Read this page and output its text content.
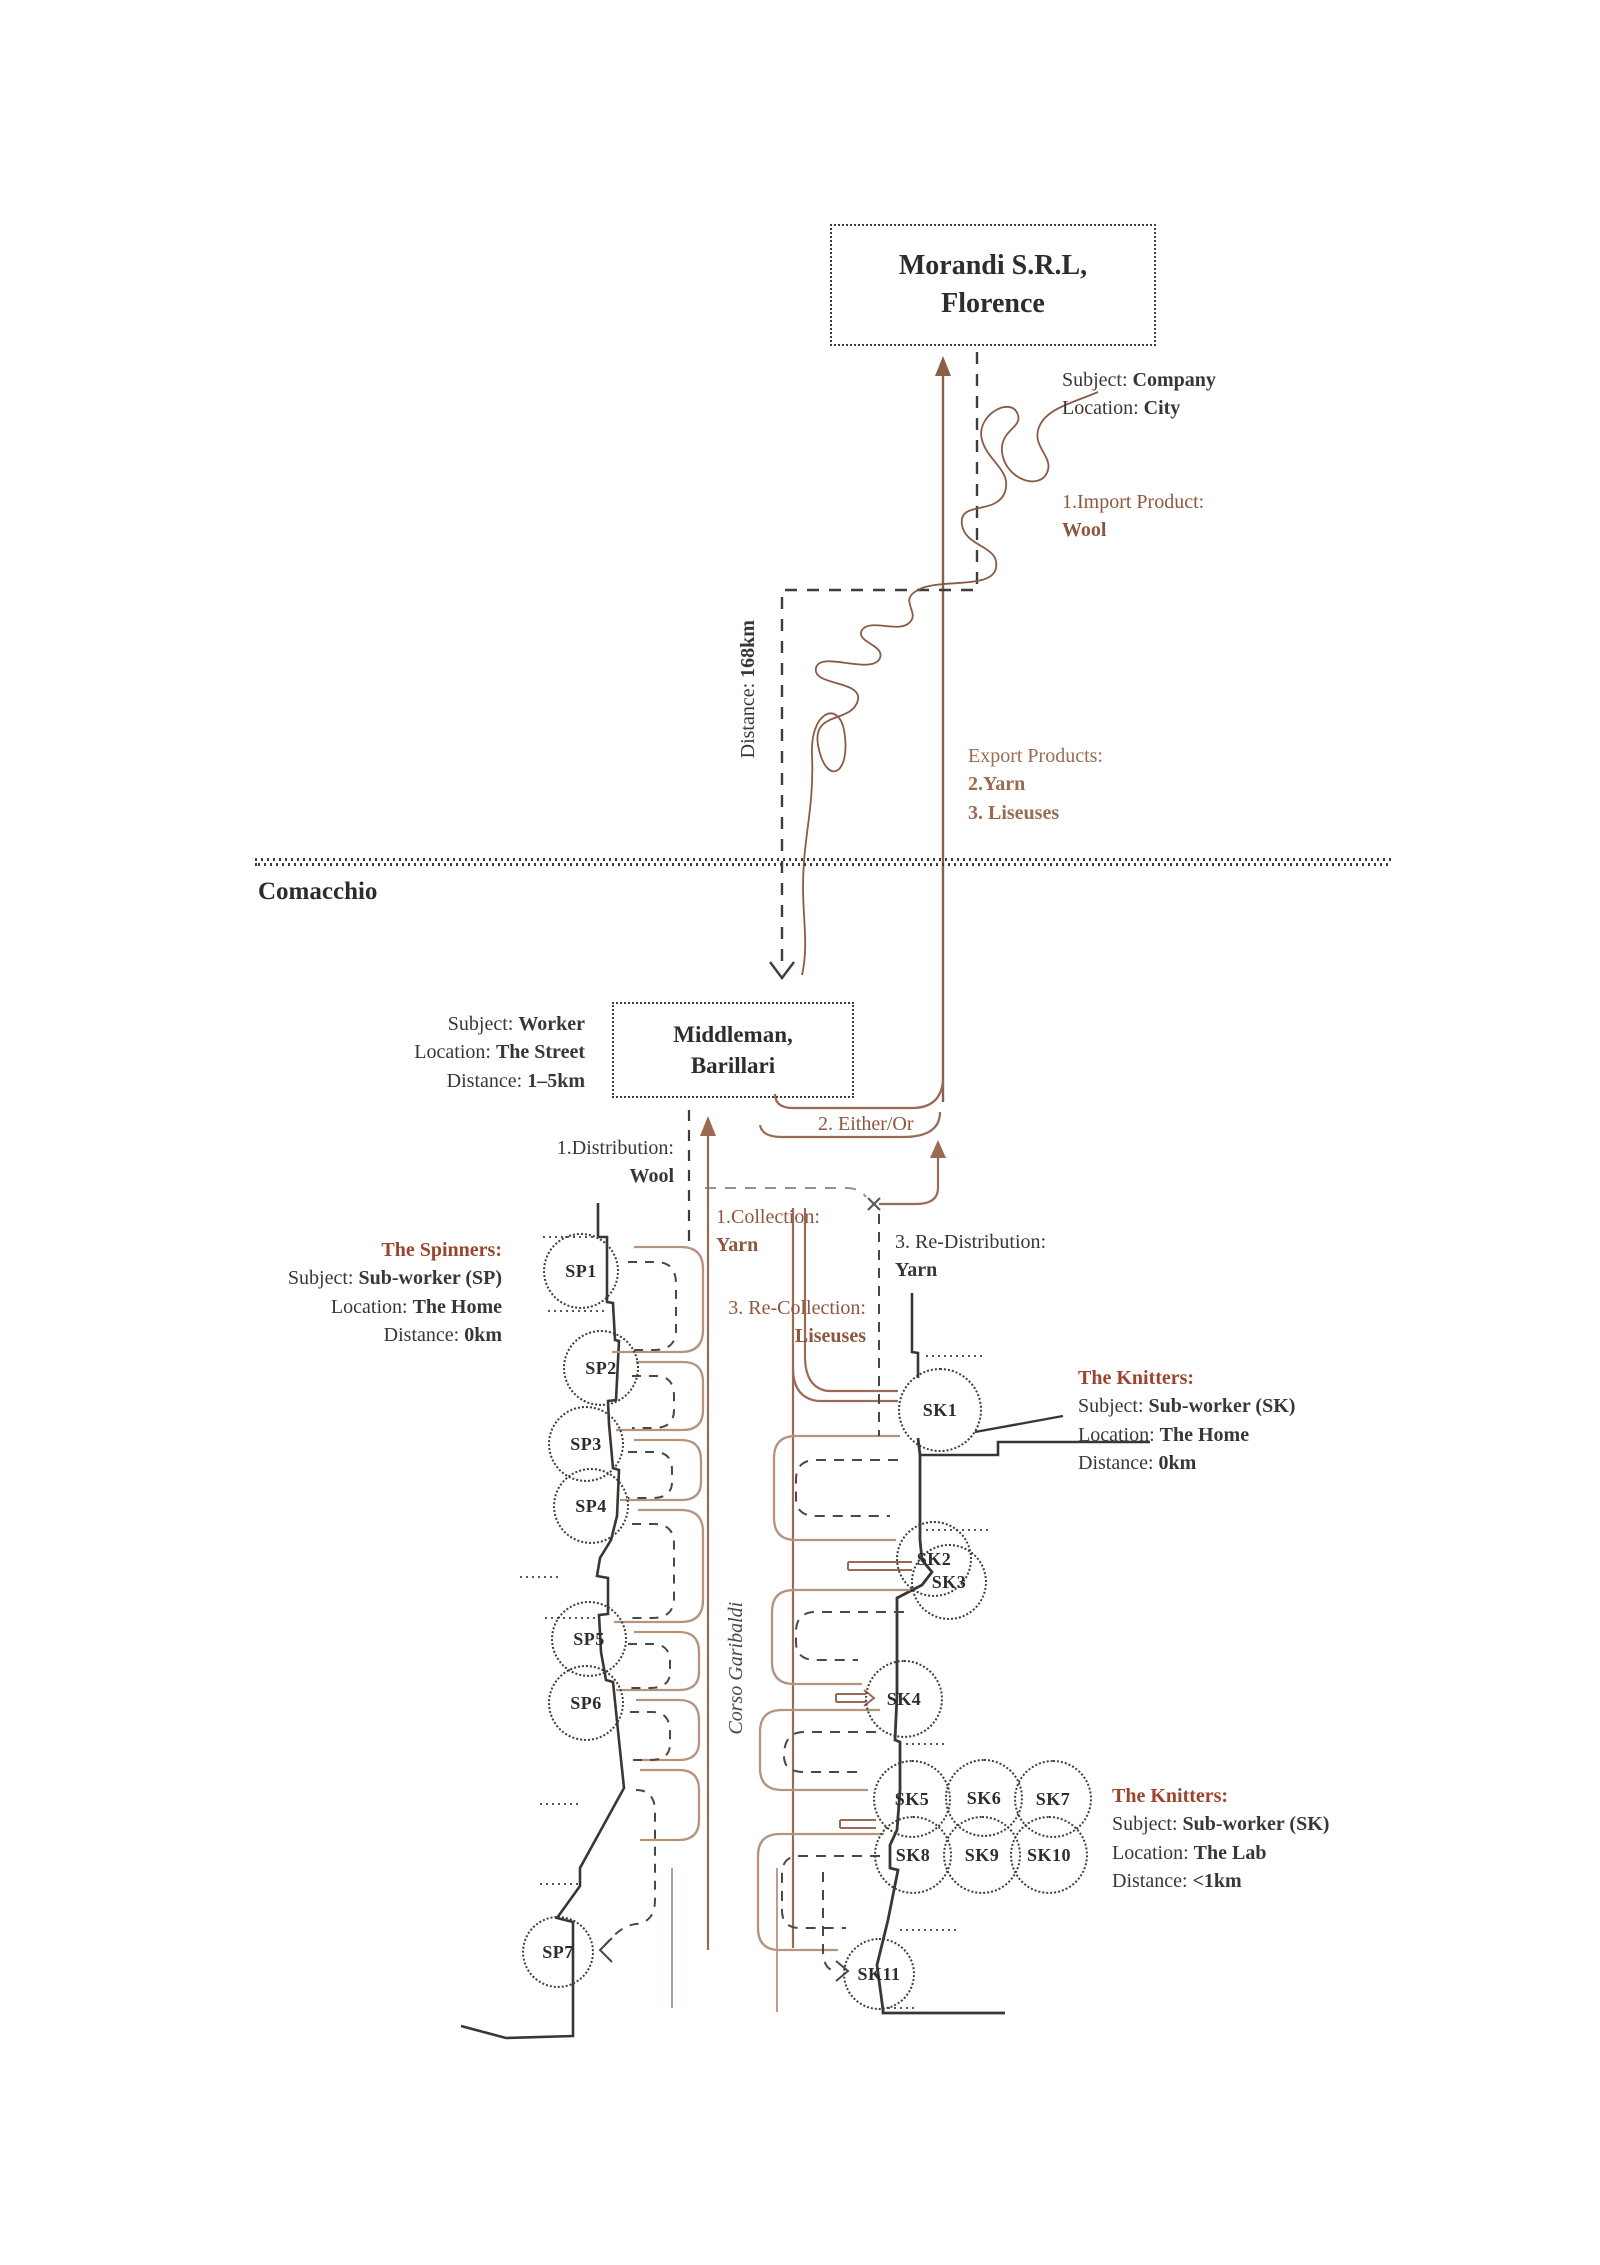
Comacchio
Morandi S.R.L,
Florence
Subject: Company
Location: City
1.Import Product:
Wool
Distance: 168km
Export Products:
2.Yarn
3. Liseuses
Middleman,
Barillari
Subject: Worker
Location: The Street
Distance: 1–5km
1.Distribution:
Wool
2. Either/Or
1.Collection:
Yarn	3. Re-Distribution:
Yarn
3. Re-Collection:
Liseuses
The Spinners:
Subject: Sub-worker (SP)
Location: The Home
Distance: 0km
The Knitters:
Subject: Sub-worker (SK)
Location: The Home
Distance: 0km
The Knitters:
Subject: Sub-worker (SK)
Location: The Lab
Distance: <1km
Corso Garibaldi
SP1
SP2
SP3
SP4
SP5
SP6
SP7
SK1
SK2
SK3
SK4
SK5	SK6	SK7
SK8	SK9	SK10
SK11
